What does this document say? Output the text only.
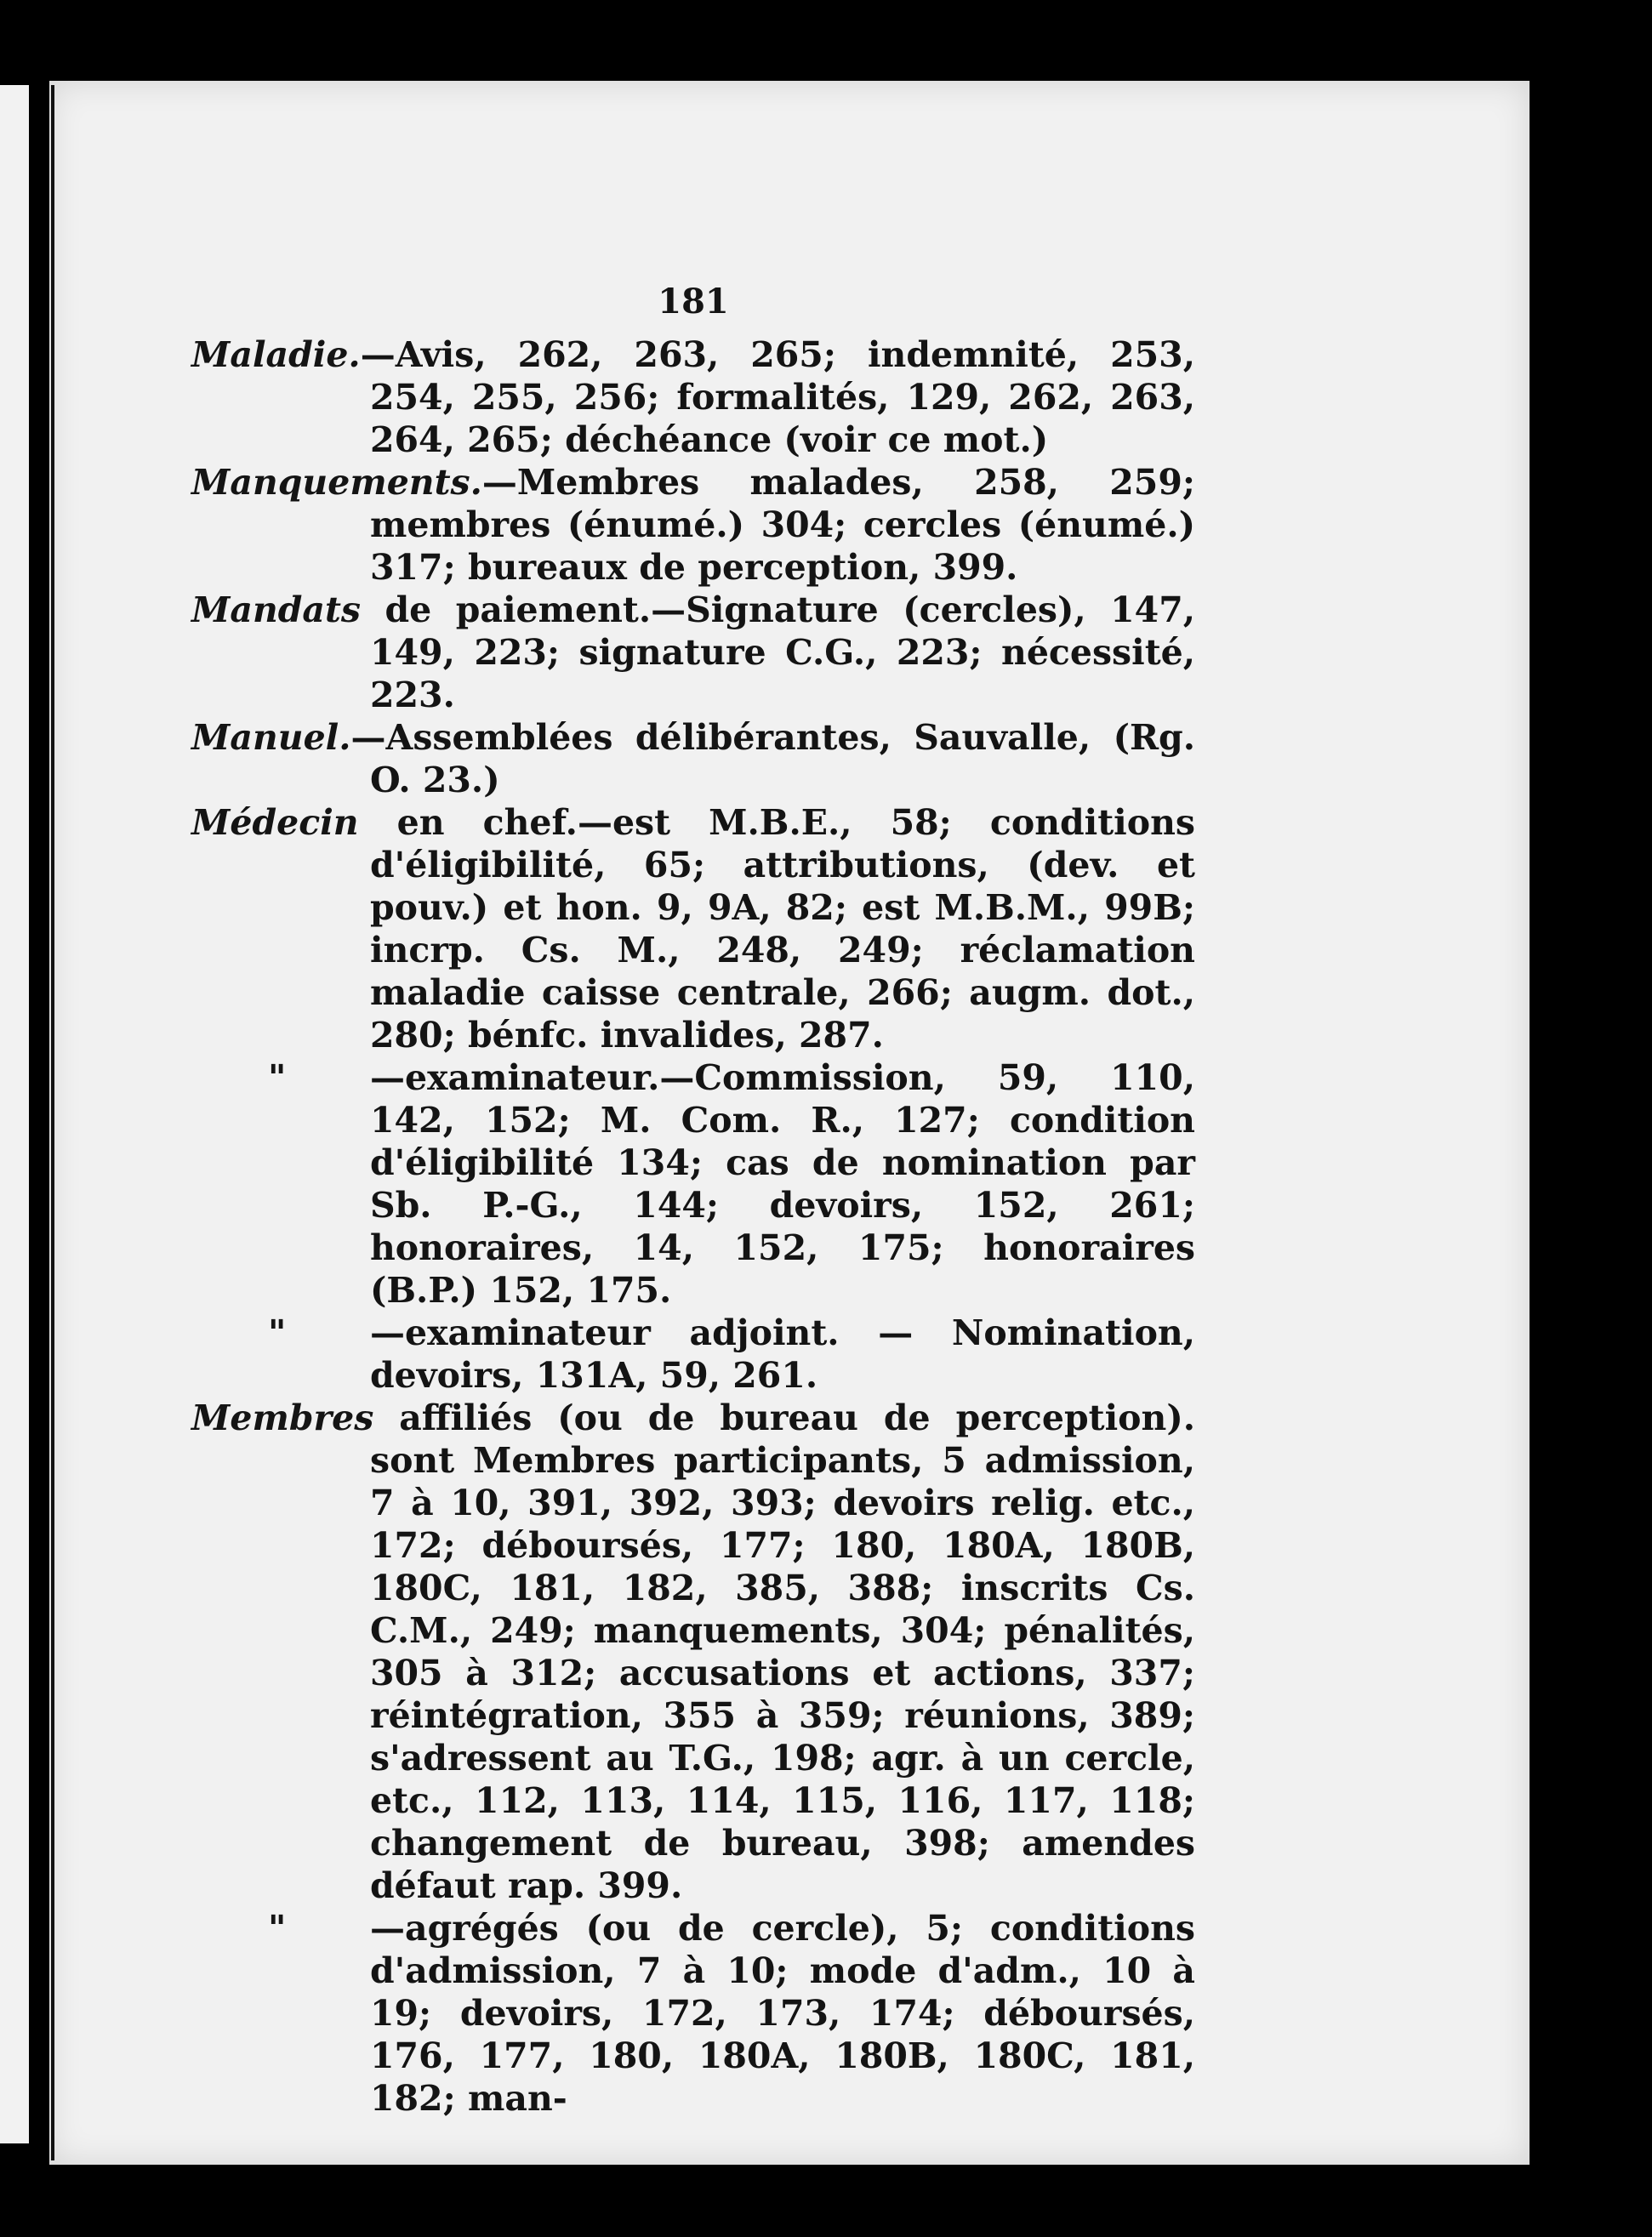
181

Maladie.—Avis, 262, 263, 265; indemnité, 253, 254, 255, 256; formalités, 129, 262, 263, 264, 265; déchéance (voir ce mot.)

Manquements.—Membres malades, 258, 259; membres (énumé.) 304; cercles (énumé.) 317; bureaux de perception, 399.

Mandats de paiement.—Signature (cercles), 147, 149, 223; signature C.G., 223; nécessité, 223.

Manuel.—Assemblées délibérantes, Sauvalle, (Rg. O. 23.)

Médecin en chef.—est M.B.E., 58; conditions d'éligibilité, 65; attributions, (dev. et pouv.) et hon. 9, 9A, 82; est M.B.M., 99B; incrp. Cs. M., 248, 249; réclamation maladie caisse centrale, 266; augm. dot., 280; bénfc. invalides, 287.

" —examinateur.—Commission, 59, 110, 142, 152; M. Com. R., 127; condition d'éligibilité 134; cas de nomination par Sb. P.-G., 144; devoirs, 152, 261; honoraires, 14, 152, 175; honoraires (B.P.) 152, 175.

" —examinateur adjoint. — Nomination, devoirs, 131A, 59, 261.

Membres affiliés (ou de bureau de perception). sont Membres participants, 5 admission, 7 à 10, 391, 392, 393; devoirs relig. etc., 172; déboursés, 177; 180, 180A, 180B, 180C, 181, 182, 385, 388; inscrits Cs. C.M., 249; manquements, 304; pénalités, 305 à 312; accusations et actions, 337; réintégration, 355 à 359; réunions, 389; s'adressent au T.G., 198; agr. à un cercle, etc., 112, 113, 114, 115, 116, 117, 118; changement de bureau, 398; amendes défaut rap. 399.

" —agrégés (ou de cercle), 5; conditions d'admission, 7 à 10; mode d'adm., 10 à 19; devoirs, 172, 173, 174; déboursés, 176, 177, 180, 180A, 180B, 180C, 181, 182; man-
